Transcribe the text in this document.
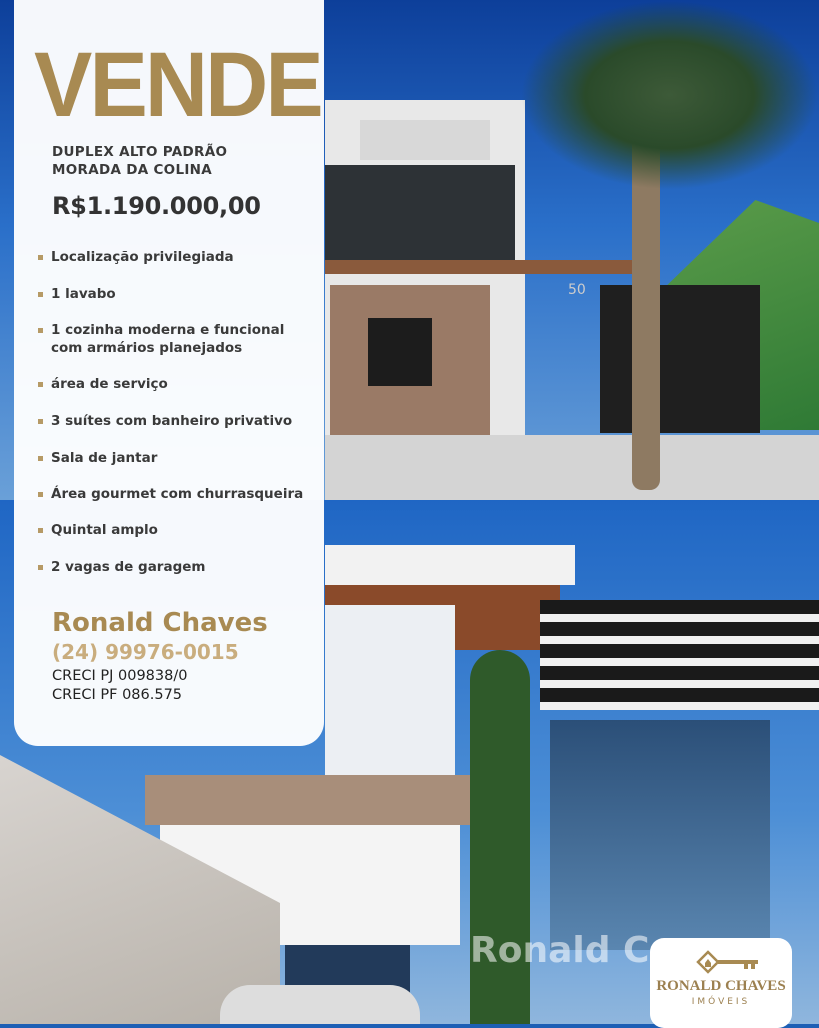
50
Ronald C
VENDE
DUPLEX ALTO PADRÃO
MORADA DA COLINA
R$1.190.000,00
Localização privilegiada
1 lavabo
1 cozinha moderna e funcional com armários planejados
área de serviço
3 suítes com banheiro privativo
Sala de jantar
Área gourmet com churrasqueira
Quintal amplo
2 vagas de garagem
Ronald Chaves
(24) 99976-0015
CRECI PJ 009838/0
CRECI PF 086.575
RONALD CHAVES
IMÓVEIS
